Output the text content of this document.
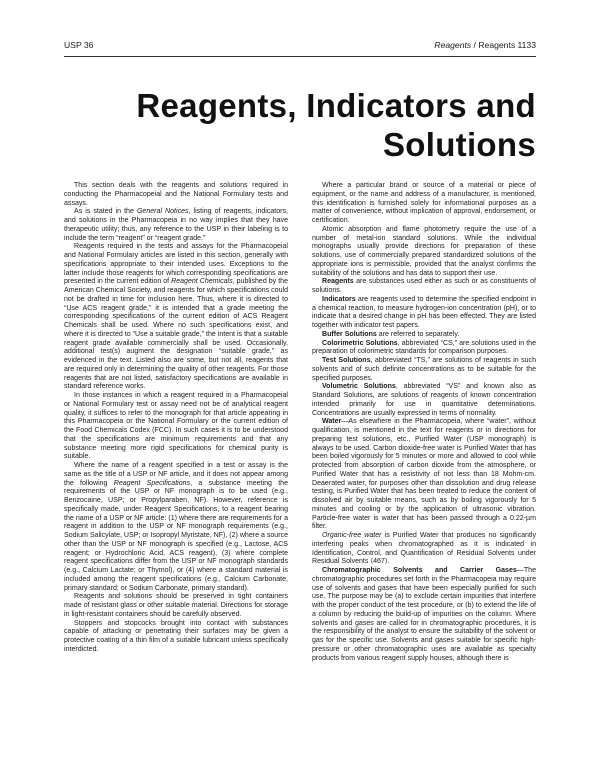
USP 36	Reagents / Reagents 1133
Reagents, Indicators and
Solutions

This section deals with the reagents and solutions required in conducting the Pharmacopeial and the National Formulary tests and assays.

As is stated in the General Notices, listing of reagents, indicators, and solutions in the Pharmacopeia in no way implies that they have therapeutic utility; thus, any reference to the USP in their labeling is to include the term “reagent” or “reagent grade.”

Reagents required in the tests and assays for the Pharmacopeial and National Formulary articles are listed in this section, generally with specifications appropriate to their intended uses. Exceptions to the latter include those reagents for which corresponding specifications are presented in the current edition of Reagent Chemicals, published by the American Chemical Society, and reagents for which specifications could not be drafted in time for inclusion here. Thus, where it is directed to “Use ACS reagent grade,” it is intended that a grade meeting the corresponding specifications of the current edition of ACS Reagent Chemicals shall be used. Where no such specifications exist, and where it is directed to “Use a suitable grade,” the intent is that a suitable reagent grade available commercially shall be used. Occasionally, additional test(s) augment the designation “suitable grade,” as evidenced in the text. Listed also are some, but not all, reagents that are required only in determining the quality of other reagents. For those reagents that are not listed, satisfactory specifications are available in standard reference works.

In those instances in which a reagent required in a Pharmacopeial or National Formulary test or assay need not be of analytical reagent quality, it suffices to refer to the monograph for that article appearing in this Pharmacopeia or the National Formulary or the current edition of the Food Chemicals Codex (FCC). In such cases it is to be understood that the specifications are minimum requirements and that any substance meeting more rigid specifications for chemical purity is suitable.

Where the name of a reagent specified in a test or assay is the same as the title of a USP or NF article, and it does not appear among the following Reagent Specifications, a substance meeting the requirements of the USP or NF monograph is to be used (e.g., Benzocaine, USP; or Propylparaben, NF). However, reference is specifically made, under Reagent Specifications, to a reagent bearing the name of a USP or NF article: (1) where there are requirements for a reagent in addition to the USP or NF monograph requirements (e.g., Sodium Salicylate, USP; or Isopropyl Myristate, NF), (2) where a source other than the USP or NF monograph is specified (e.g., Lactose, ACS reagent; or Hydrochloric Acid, ACS reagent), (3) where complete reagent specifications differ from the USP or NF monograph standards (e.g., Calcium Lactate; or Thymol), or (4) where a standard material is included among the reagent specifications (e.g., Calcium Carbonate, primary standard; or Sodium Carbonate, primary standard).

Reagents and solutions should be preserved in tight containers made of resistant glass or other suitable material. Directions for storage in light-resistant containers should be carefully observed.

Stoppers and stopcocks brought into contact with substances capable of attacking or penetrating their surfaces may be given a protective coating of a thin film of a suitable lubricant unless specifically interdicted.

Where a particular brand or source of a material or piece of equipment, or the name and address of a manufacturer, is mentioned, this identification is furnished solely for informational purposes as a matter of convenience, without implication of approval, endorsement, or certification.

Atomic absorption and flame photometry require the use of a number of metal-ion standard solutions. While the individual monographs usually provide directions for preparation of these solutions, use of commercially prepared standardized solutions of the appropriate ions is permissible, provided that the analyst confirms the suitability of the solutions and has data to support their use.

Reagents are substances used either as such or as constituents of solutions.

Indicators are reagents used to determine the specified endpoint in a chemical reaction, to measure hydrogen-ion concentration (pH), or to indicate that a desired change in pH has been effected. They are listed together with indicator test papers.

Buffer Solutions are referred to separately.

Colorimetric Solutions, abbreviated “CS,” are solutions used in the preparation of colorimetric standards for comparison purposes.

Test Solutions, abbreviated “TS,” are solutions of reagents in such solvents and of such definite concentrations as to be suitable for the specified purposes.

Volumetric Solutions, abbreviated “VS” and known also as Standard Solutions, are solutions of reagents of known concentration intended primarily for use in quantitative determinations. Concentrations are usually expressed in terms of normality.

Water—As elsewhere in the Pharmacopeia, where “water”, without qualification, is mentioned in the text for reagents or in directions for preparing test solutions, etc., Purified Water (USP monograph) is always to be used. Carbon dioxide-free water is Purified Water that has been boiled vigorously for 5 minutes or more and allowed to cool while protected from absorption of carbon dioxide from the atmosphere, or Purified Water that has a resistivity of not less than 18 Mohm-cm. Deaerated water, for purposes other than dissolution and drug release testing, is Purified Water that has been treated to reduce the content of dissolved air by suitable means, such as by boiling vigorously for 5 minutes and cooling or by the application of ultrasonic vibration. Particle-free water is water that has been passed through a 0.22-µm filter.

Organic-free water is Purified Water that produces no significantly interfering peaks when chromatographed as it is indicated in Identification, Control, and Quantification of Residual Solvents under Residual Solvents ⟨467⟩.

Chromatographic Solvents and Carrier Gases—The chromatographic procedures set forth in the Pharmacopeia may require use of solvents and gases that have been especially purified for such use. The purpose may be (a) to exclude certain impurities that interfere with the proper conduct of the test procedure, or (b) to extend the life of a column by reducing the build-up of impurities on the column. Where solvents and gases are called for in chromatographic procedures, it is the responsibility of the analyst to ensure the suitability of the solvent or gas for the specific use. Solvents and gases suitable for specific high-pressure or other chromatographic uses are available as specialty products from various reagent supply houses, although there is
